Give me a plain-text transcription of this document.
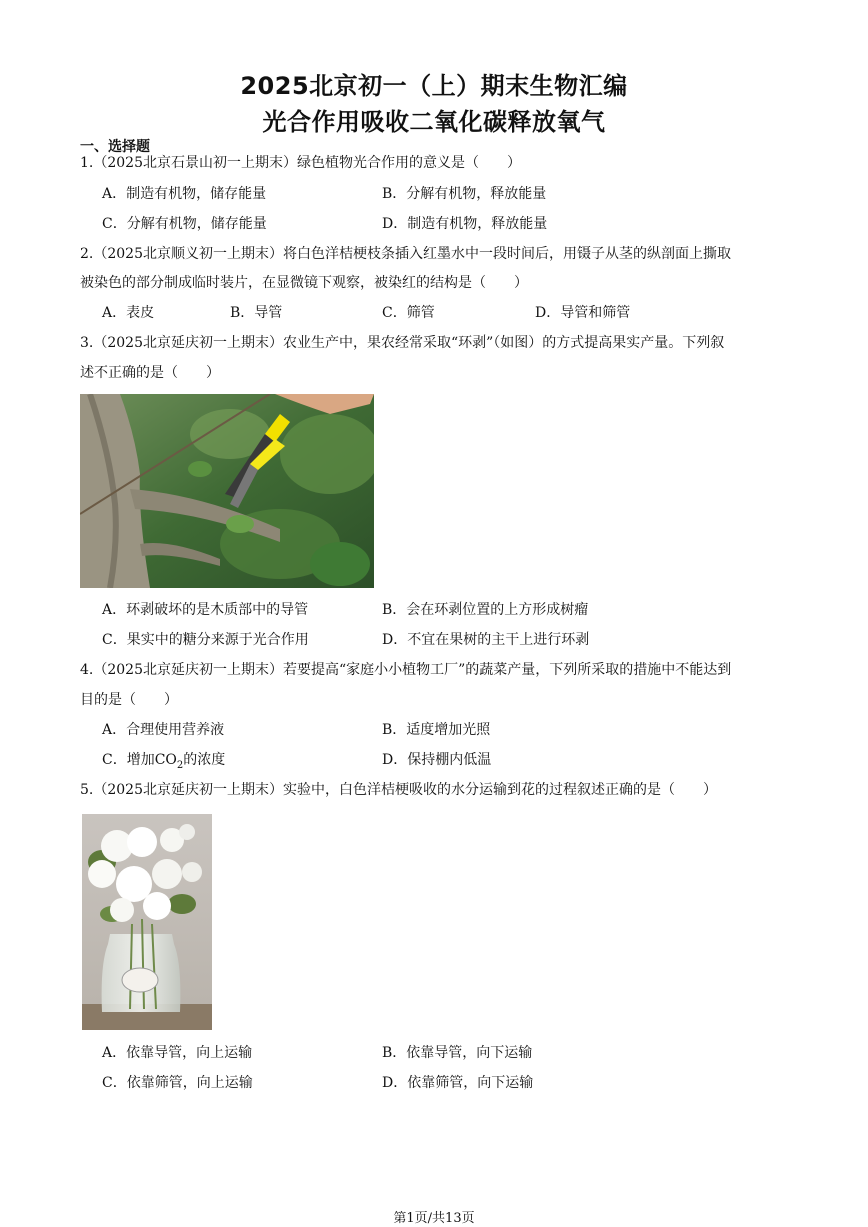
2025北京初一（上）期末生物汇编
光合作用吸收二氧化碳释放氧气
一、选择题
1.（2025北京石景山初一上期末）绿色植物光合作用的意义是（　　）
A．制造有机物，储存能量	B．分解有机物，释放能量
C．分解有机物，储存能量	D．制造有机物，释放能量
2.（2025北京顺义初一上期末）将白色洋桔梗枝条插入红墨水中一段时间后，用镊子从茎的纵剖面上撕取
被染色的部分制成临时装片，在显微镜下观察，被染红的结构是（　　）
A．表皮	B．导管	C．筛管	D．导管和筛管
3.（2025北京延庆初一上期末）农业生产中，果农经常采取“环剥”（如图）的方式提高果实产量。下列叙
述不正确的是（　　）
A．环剥破坏的是木质部中的导管	B．会在环剥位置的上方形成树瘤
C．果实中的糖分来源于光合作用	D．不宜在果树的主干上进行环剥
4.（2025北京延庆初一上期末）若要提高“家庭小小植物工厂”的蔬菜产量，下列所采取的措施中不能达到
目的是（　　）
A．合理使用营养液	B．适度增加光照
C．增加$CO_2$的浓度	D．保持棚内低温
5.（2025北京延庆初一上期末）实验中，白色洋桔梗吸收的水分运输到花的过程叙述正确的是（　　）
A．依靠导管，向上运输	B．依靠导管，向下运输
C．依靠筛管，向上运输	D．依靠筛管，向下运输
第1页/共13页
